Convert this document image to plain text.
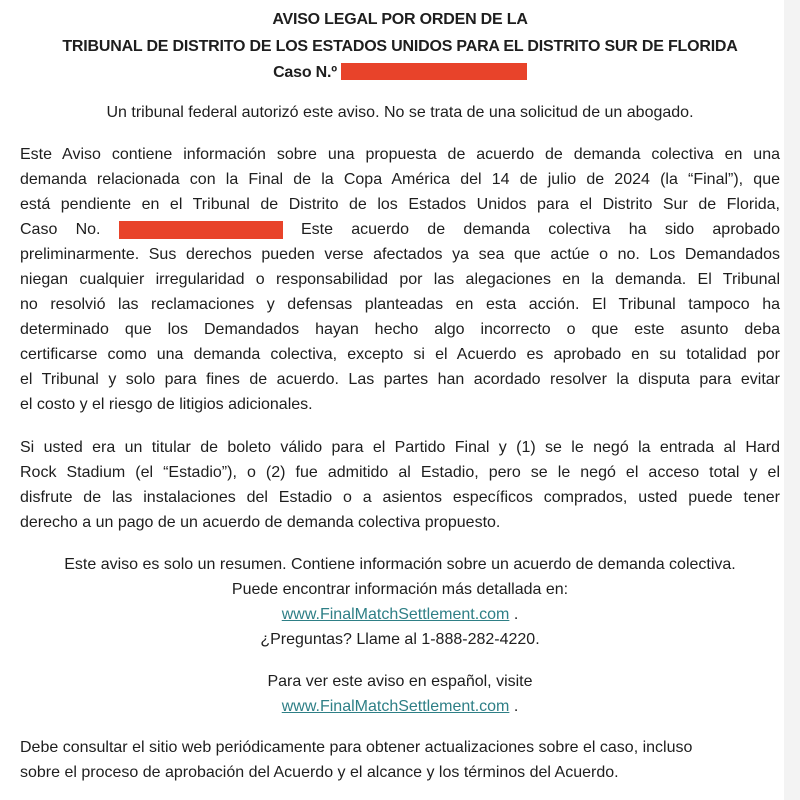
AVISO LEGAL POR ORDEN DE LA
TRIBUNAL DE DISTRITO DE LOS ESTADOS UNIDOS PARA EL DISTRITO SUR DE FLORIDA
Caso N.º
Un tribunal federal autorizó este aviso. No se trata de una solicitud de un abogado.
Este Aviso contiene información sobre una propuesta de acuerdo de demanda colectiva en una
demanda relacionada con la Final de la Copa América del 14 de julio de 2024 (la “Final”), que
está pendiente en el Tribunal de Distrito de los Estados Unidos para el Distrito Sur de Florida,
Caso No.	Este acuerdo de demanda colectiva ha sido aprobado
preliminarmente. Sus derechos pueden verse afectados ya sea que actúe o no. Los Demandados
niegan cualquier irregularidad o responsabilidad por las alegaciones en la demanda. El Tribunal
no resolvió las reclamaciones y defensas planteadas en esta acción. El Tribunal tampoco ha
determinado que los Demandados hayan hecho algo incorrecto o que este asunto deba
certificarse como una demanda colectiva, excepto si el Acuerdo es aprobado en su totalidad por
el Tribunal y solo para fines de acuerdo. Las partes han acordado resolver la disputa para evitar
el costo y el riesgo de litigios adicionales.
Si usted era un titular de boleto válido para el Partido Final y (1) se le negó la entrada al Hard
Rock Stadium (el “Estadio”), o (2) fue admitido al Estadio, pero se le negó el acceso total y el
disfrute de las instalaciones del Estadio o a asientos específicos comprados, usted puede tener
derecho a un pago de un acuerdo de demanda colectiva propuesto.
Este aviso es solo un resumen. Contiene información sobre un acuerdo de demanda colectiva.
Puede encontrar información más detallada en:
www.FinalMatchSettlement.com .
¿Preguntas? Llame al 1-888-282-4220.
Para ver este aviso en español, visite
www.FinalMatchSettlement.com .
Debe consultar el sitio web periódicamente para obtener actualizaciones sobre el caso, incluso
sobre el proceso de aprobación del Acuerdo y el alcance y los términos del Acuerdo.
